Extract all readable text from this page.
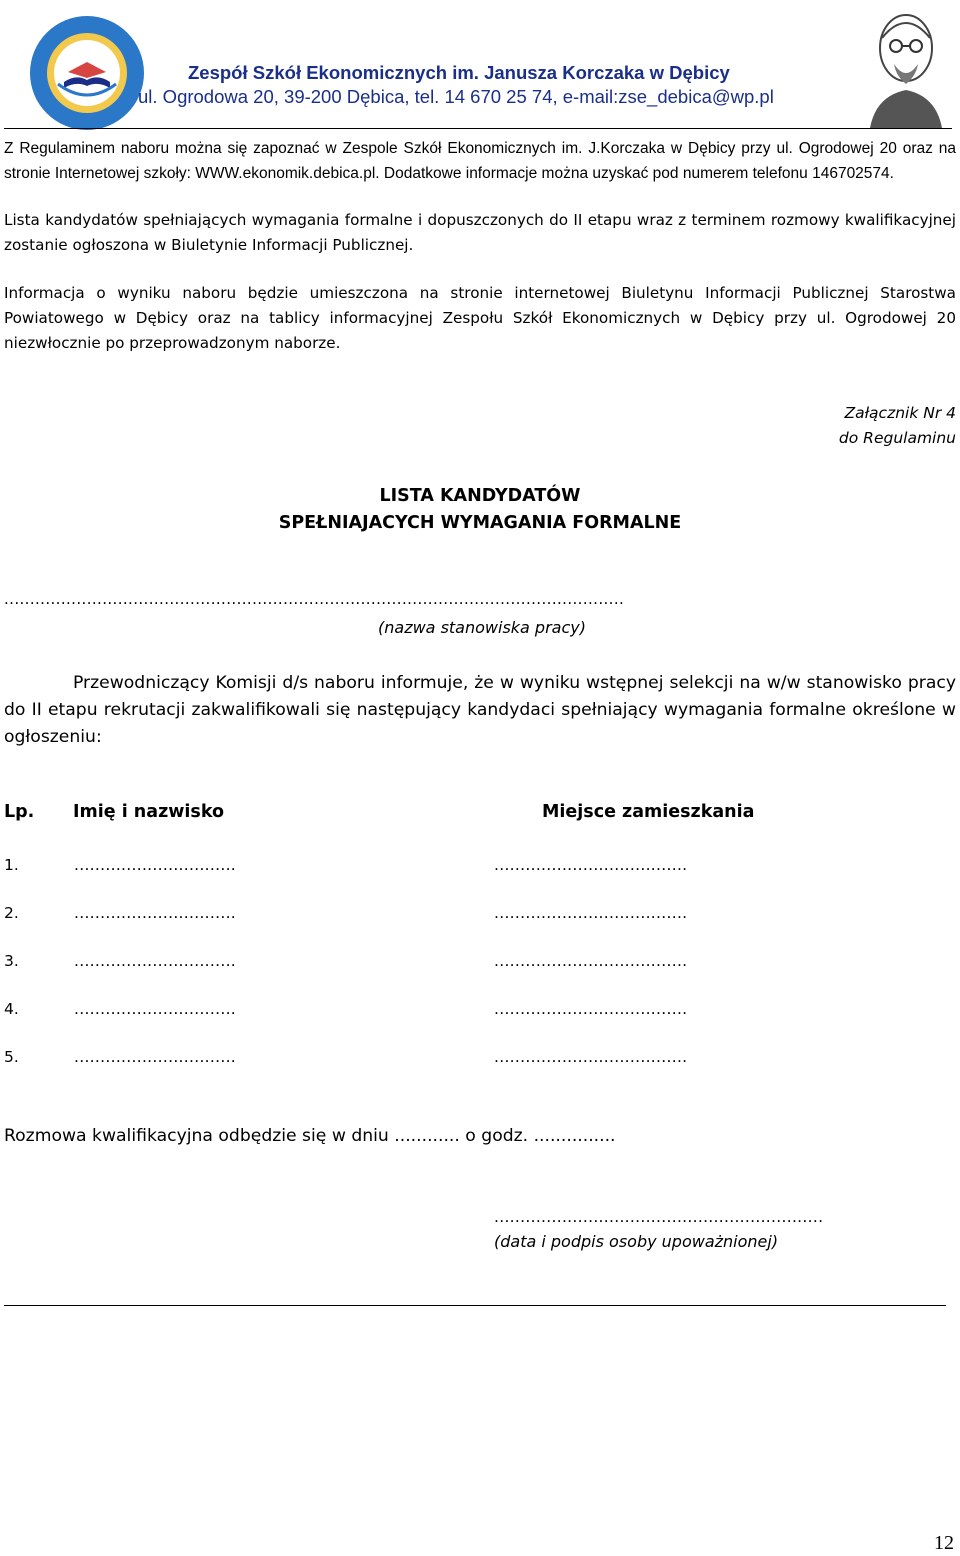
Zespół Szkół Ekonomicznych im. Janusza Korczaka w Dębicy
ul. Ogrodowa 20, 39-200 Dębica, tel. 14 670 25 74, e-mail:zse_debica@wp.pl
Z Regulaminem naboru można się zapoznać w Zespole Szkół Ekonomicznych im. J.Korczaka w Dębicy przy ul. Ogrodowej 20 oraz na stronie Internetowej szkoły: WWW.ekonomik.debica.pl. Dodatkowe informacje można uzyskać pod numerem telefonu 146702574.
Lista kandydatów spełniających wymagania formalne i dopuszczonych do II etapu wraz z terminem rozmowy kwalifikacyjnej zostanie ogłoszona w Biuletynie Informacji Publicznej.
Informacja o wyniku naboru będzie umieszczona na stronie internetowej Biuletynu Informacji Publicznej Starostwa Powiatowego w Dębicy oraz na tablicy informacyjnej Zespołu Szkół Ekonomicznych w Dębicy przy ul. Ogrodowej 20 niezwłocznie po przeprowadzonym naborze.
Załącznik Nr 4
do Regulaminu
LISTA KANDYDATÓW
SPEŁNIAJACYCH WYMAGANIA FORMALNE
........................................................................................................................
(nazwa stanowiska pracy)
Przewodniczący Komisji d/s naboru informuje, że w wyniku wstępnej selekcji na w/w stanowisko pracy do II etapu rekrutacji zakwalifikowali się następujący kandydaci spełniający wymagania formalne określone w ogłoszeniu:
Lp. Imię i nazwisko	Miejsce zamieszkania
1.	...............................	.....................................
2.	...............................	.....................................
3.	...............................	.....................................
4.	...............................	.....................................
5.	...............................	.....................................
Rozmowa kwalifikacyjna odbędzie się w dniu ............ o godz. ...............
...............................................................
(data i podpis osoby upoważnionej)
12
